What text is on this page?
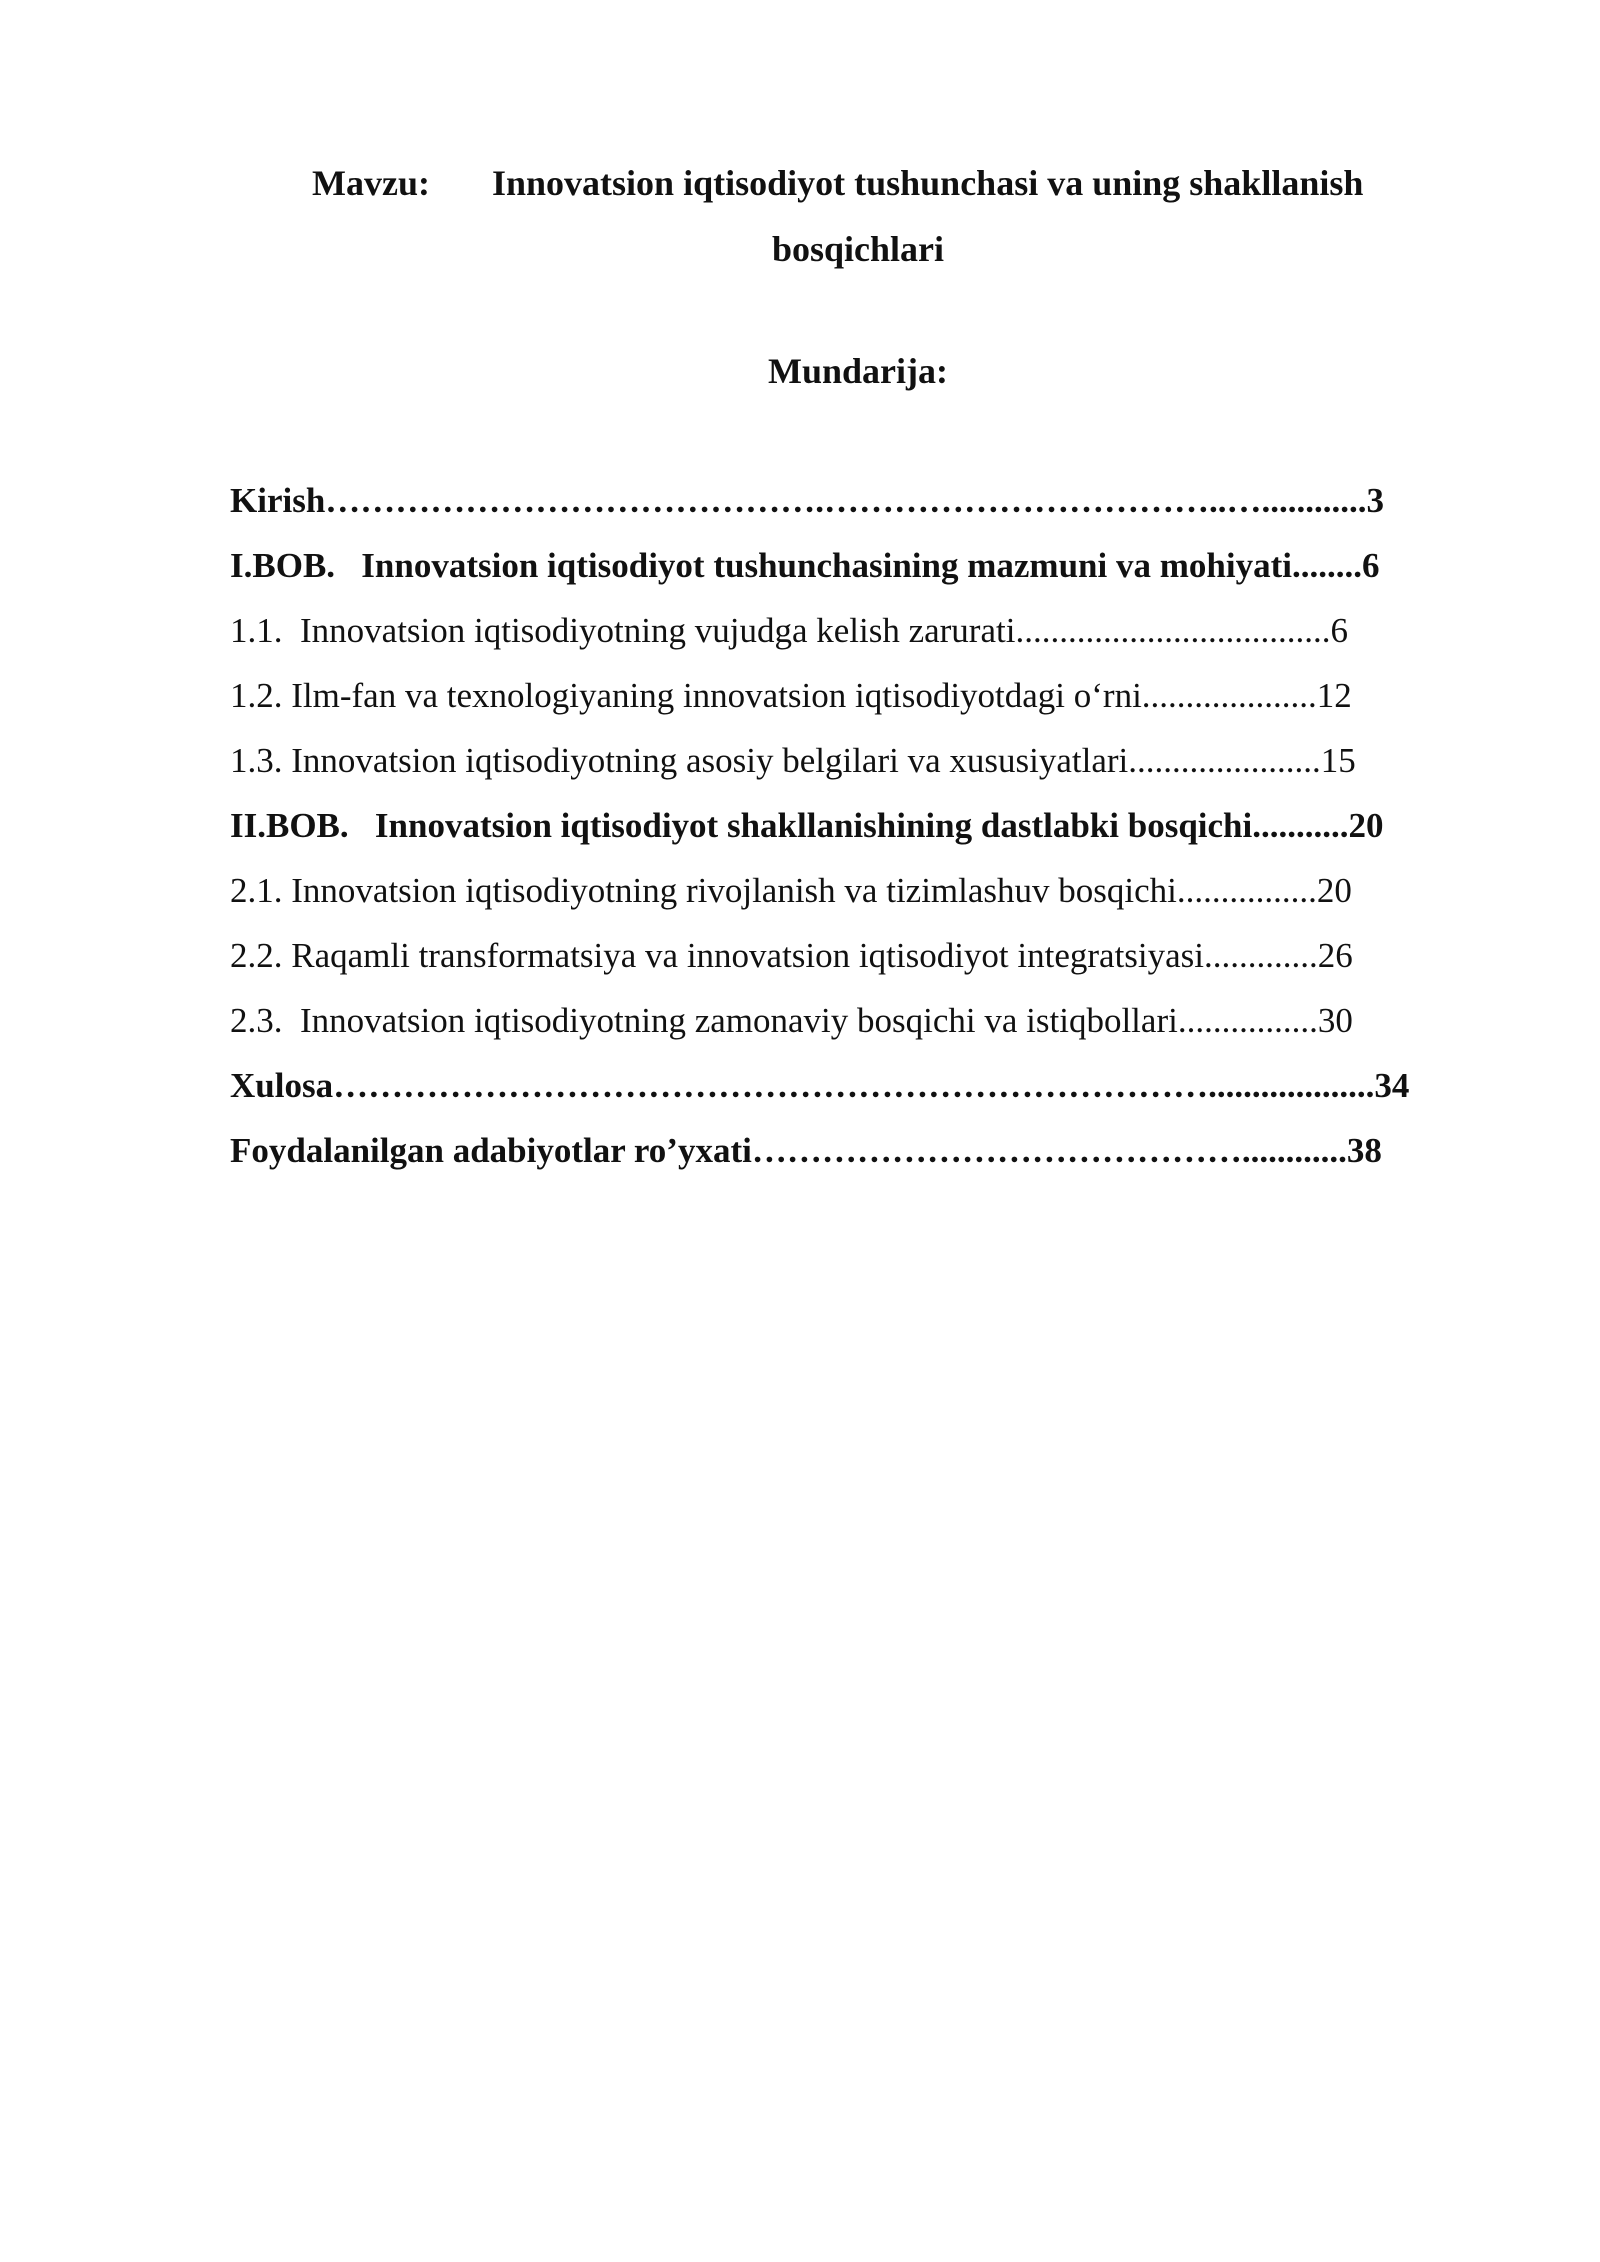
Mavzu: Innovatsion iqtisodiyot tushunchasi va uning shakllanish
bosqichlari
Mundarija:
Kirish…………………………………….……………………………..…............3
I.BOB.   Innovatsion iqtisodiyot tushunchasining mazmuni va mohiyati........6
1.1.  Innovatsion iqtisodiyotning vujudga kelish zarurati....................................6
1.2. Ilm-fan va texnologiyaning innovatsion iqtisodiyotdagi o‘rni....................12
1.3. Innovatsion iqtisodiyotning asosiy belgilari va xususiyatlari......................15
II.BOB.   Innovatsion iqtisodiyot shakllanishining dastlabki bosqichi...........20
2.1. Innovatsion iqtisodiyotning rivojlanish va tizimlashuv bosqichi................20
2.2. Raqamli transformatsiya va innovatsion iqtisodiyot integratsiyasi.............26
2.3.  Innovatsion iqtisodiyotning zamonaviy bosqichi va istiqbollari................30
Xulosa…………………………………………………………………...................34
Foydalanilgan adabiyotlar ro’yxati……………………………………............38
